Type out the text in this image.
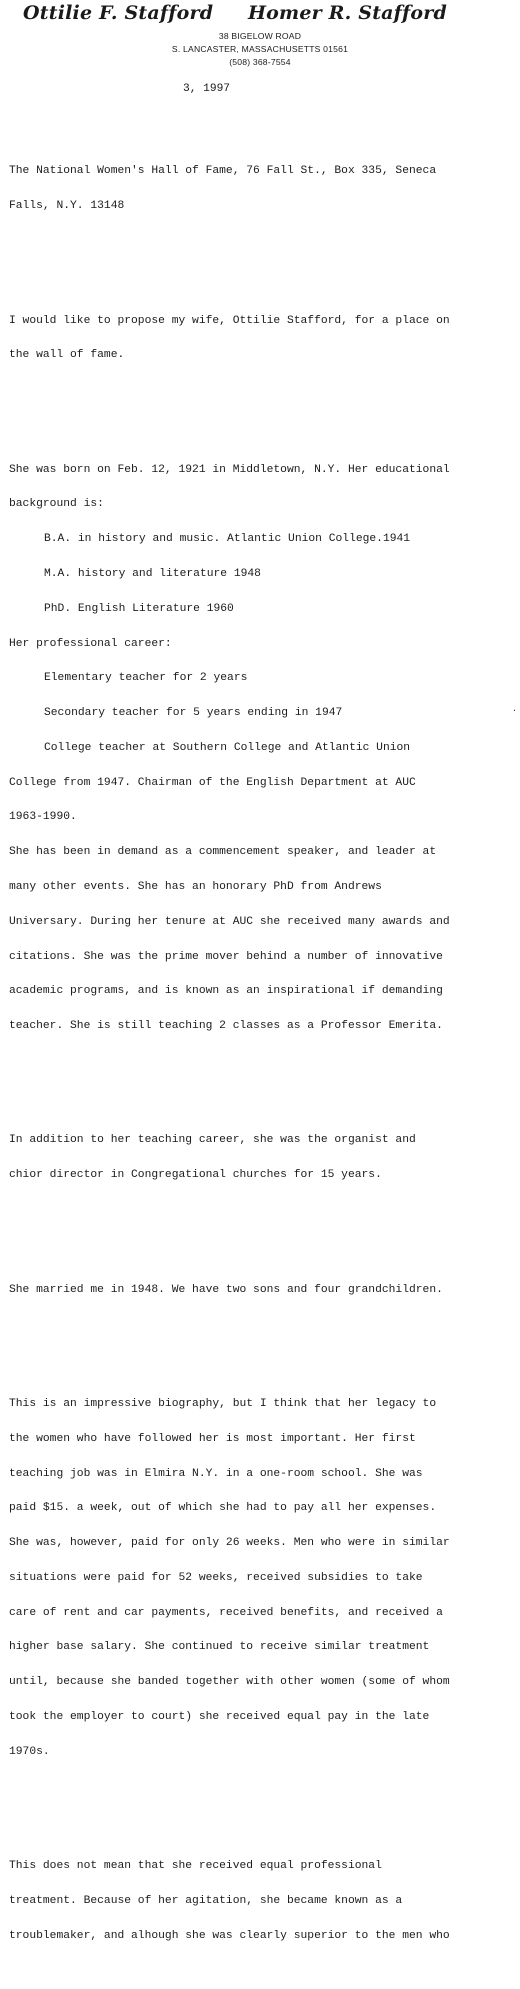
Ottilie F. Stafford Homer R. Stafford
38 BIGELOW ROAD
S. LANCASTER, MASSACHUSETTS 01561
(508) 368-7554
3, 1997

The National Women's Hall of Fame, 76 Fall St., Box 335, Seneca

Falls, N.Y. 13148

I would like to propose my wife, Ottilie Stafford, for a place on

the wall of fame.

She was born on Feb. 12, 1921 in Middletown, N.Y. Her educational

background is:

B.A. in history and music. Atlantic Union College.1941

M.A. history and literature 1948

PhD. English Literature 1960

Her professional career:

Elementary teacher for 2 years

Secondary teacher for 5 years ending in 1947

College teacher at Southern College and Atlantic Union

College from 1947. Chairman of the English Department at AUC

1963-1990.

She has been in demand as a commencement speaker, and leader at

many other events. She has an honorary PhD from Andrews

Universary. During her tenure at AUC she received many awards and

citations. She was the prime mover behind a number of innovative

academic programs, and is known as an inspirational if demanding

teacher. She is still teaching 2 classes as a Professor Emerita.

In addition to her teaching career, she was the organist and

chior director in Congregational churches for 15 years.

She married me in 1948. We have two sons and four grandchildren.

This is an impressive biography, but I think that her legacy to

the women who have followed her is most important. Her first

teaching job was in Elmira N.Y. in a one-room school. She was

paid $15. a week, out of which she had to pay all her expenses.

She was, however, paid for only 26 weeks. Men who were in similar

situations were paid for 52 weeks, received subsidies to take

care of rent and car payments, received benefits, and received a

higher base salary. She continued to receive similar treatment

until, because she banded together with other women (some of whom

took the employer to court) she received equal pay in the late

1970s.

This does not mean that she received equal professional

treatment. Because of her agitation, she became known as a

troublemaker, and alhough she was clearly superior to the men who

·
